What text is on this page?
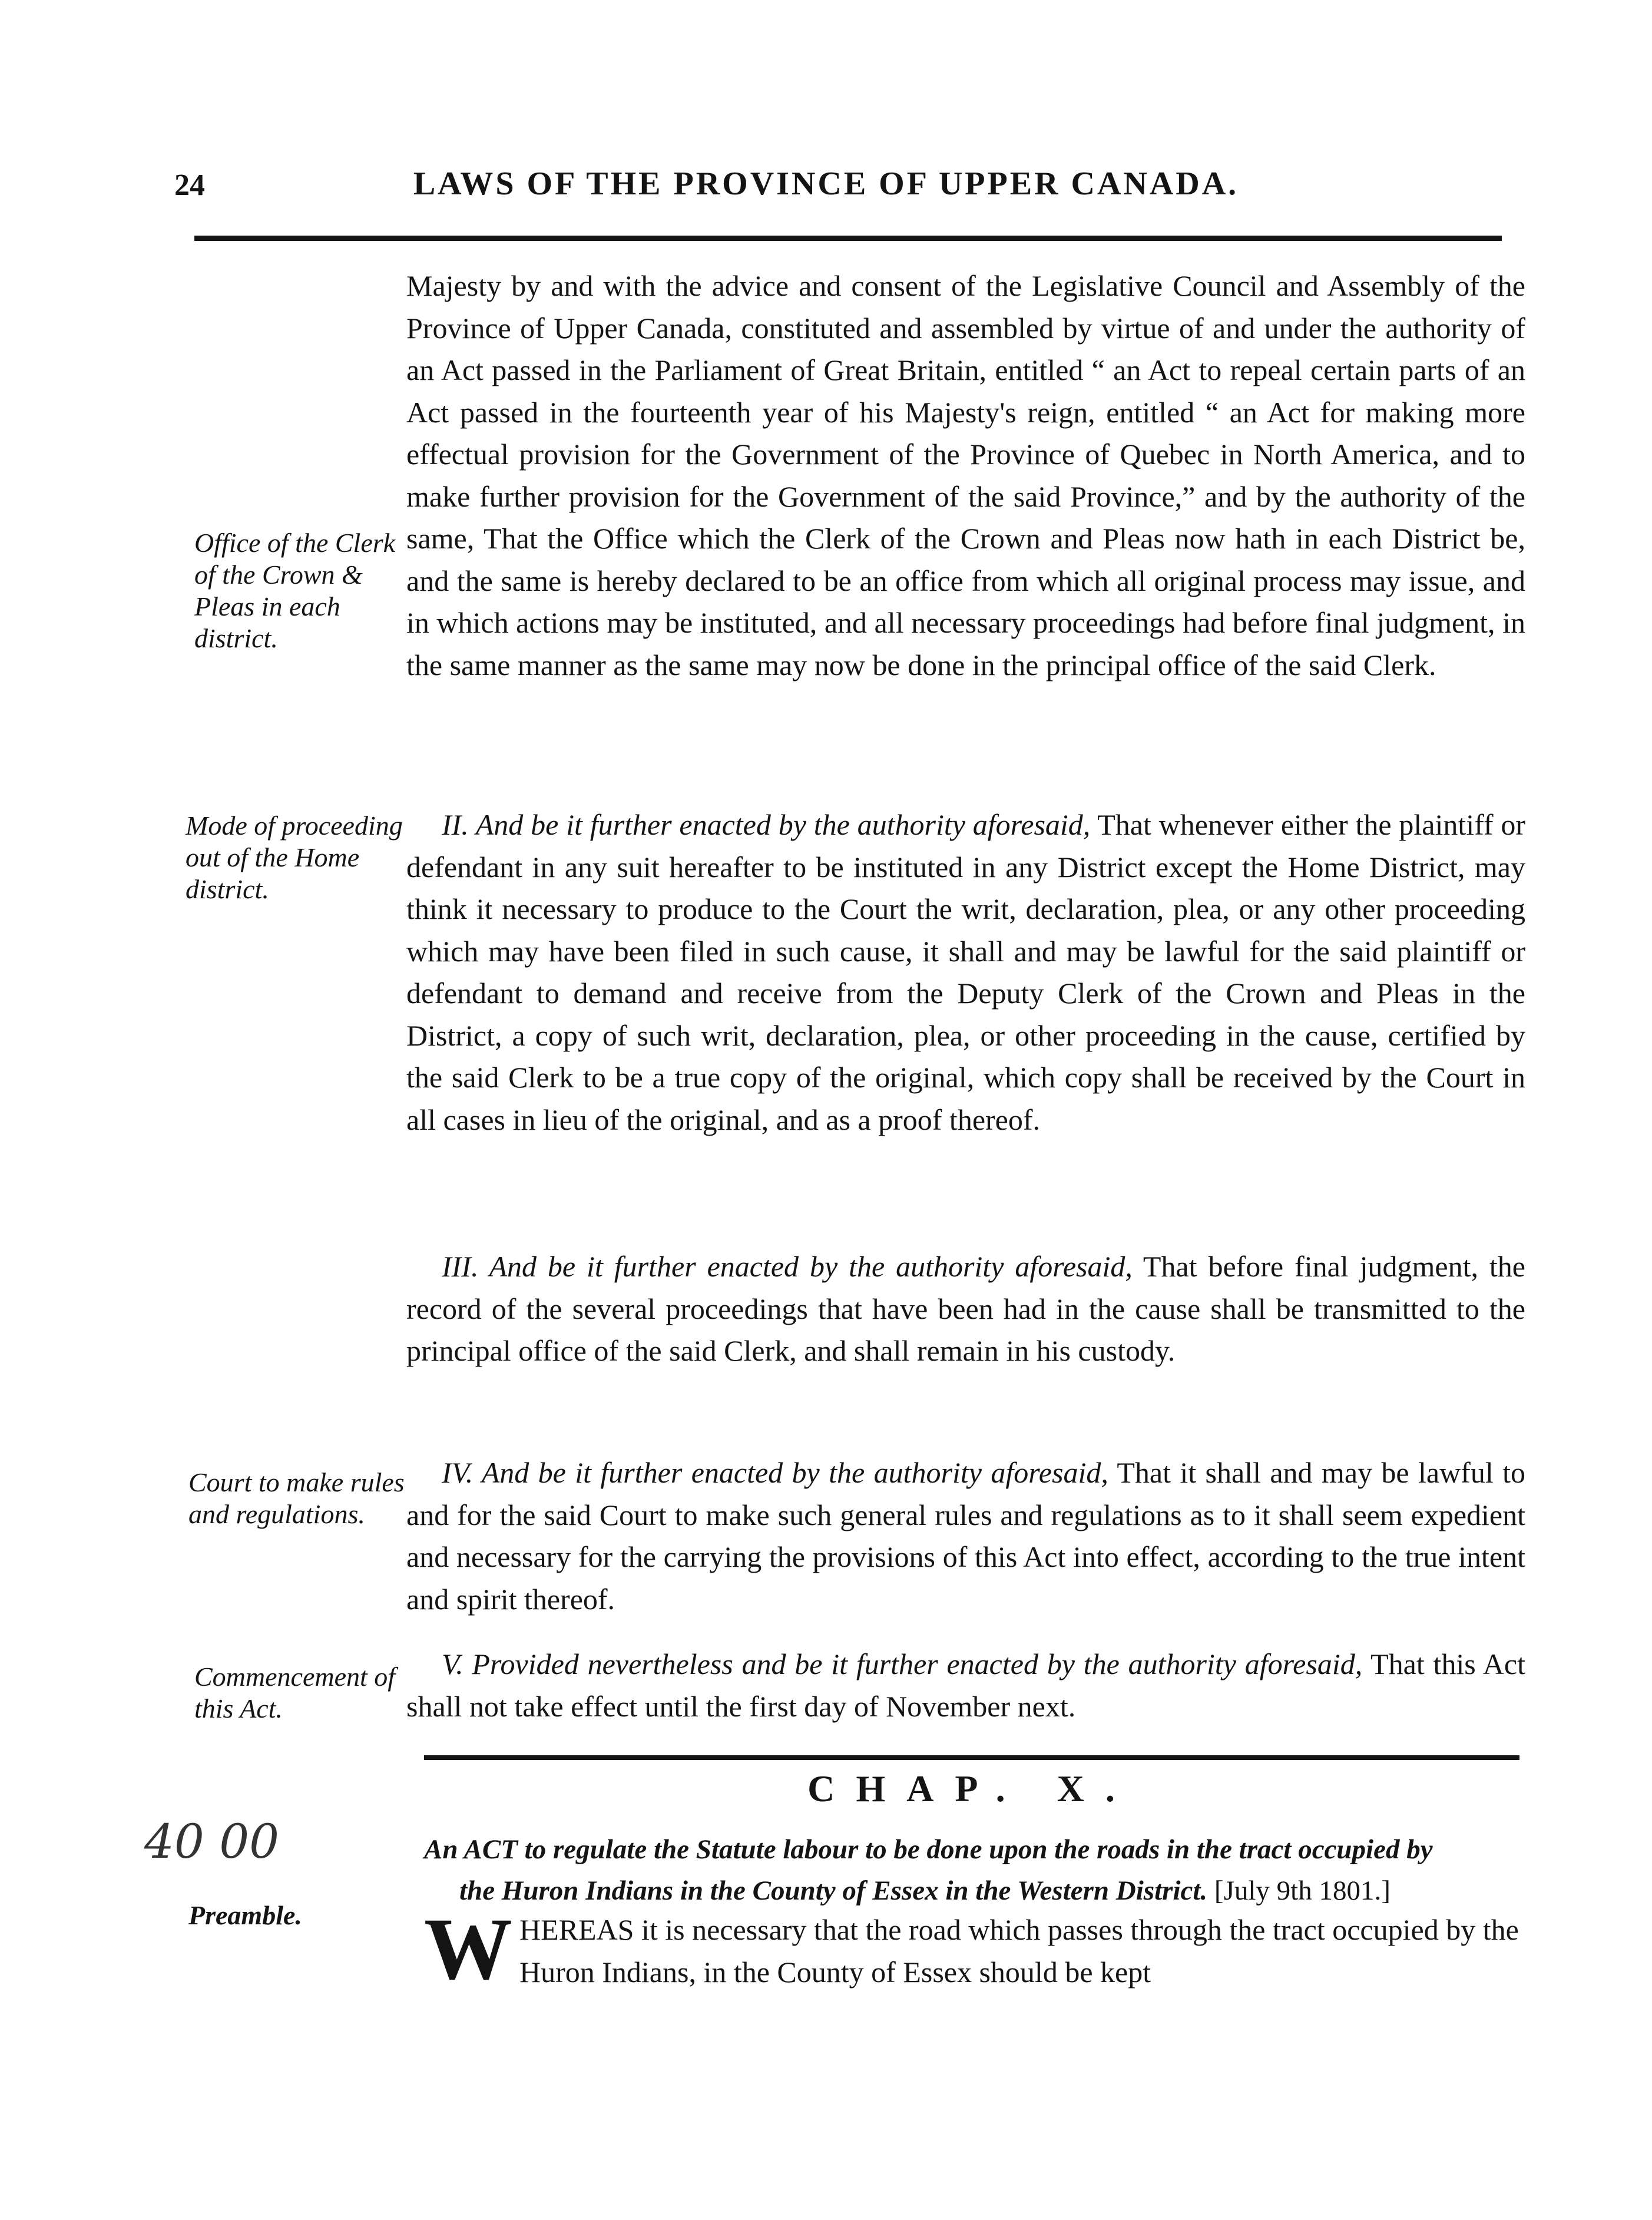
24	LAWS OF THE PROVINCE OF UPPER CANADA.

Majesty by and with the advice and consent of the Legislative Council and Assembly of the Province of Upper Canada, constituted and assembled by virtue of and under the authority of an Act passed in the Parliament of Great Britain, entitled “ an Act to repeal certain parts of an Act passed in the fourteenth year of his Majesty's reign, entitled “ an Act for making more effectual provision for the Government of the Province of Quebec in North America, and to make further provision for the Government of the said Province,” and by the authority of the same, That the Office which the Clerk of the Crown and Pleas now hath in each District be, and the same is hereby declared to be an office from which all original process may issue, and in which actions may be instituted, and all necessary proceedings had before final judgment, in the same manner as the same may now be done in the principal office of the said Clerk.

Office of the Clerk of the Crown & Pleas in each district.

II. And be it further enacted by the authority aforesaid, That whenever either the plaintiff or defendant in any suit hereafter to be instituted in any District except the Home District, may think it necessary to produce to the Court the writ, declaration, plea, or any other proceeding which may have been filed in such cause, it shall and may be lawful for the said plaintiff or defendant to demand and receive from the Deputy Clerk of the Crown and Pleas in the District, a copy of such writ, declaration, plea, or other proceeding in the cause, certified by the said Clerk to be a true copy of the original, which copy shall be received by the Court in all cases in lieu of the original, and as a proof thereof.

Mode of proceeding out of the Home district.

III. And be it further enacted by the authority aforesaid, That before final judgment, the record of the several proceedings that have been had in the cause shall be transmitted to the principal office of the said Clerk, and shall remain in his custody.

IV. And be it further enacted by the authority aforesaid, That it shall and may be lawful to and for the said Court to make such general rules and regulations as to it shall seem expedient and necessary for the carrying the provisions of this Act into effect, according to the true intent and spirit thereof.

Court to make rules and regulations.

V. Provided nevertheless and be it further enacted by the authority aforesaid, That this Act shall not take effect until the first day of November next.

Commencement of this Act.
CHAP. X.
An ACT to regulate the Statute labour to be done upon the roads in the tract occupied by
the Huron Indians in the County of Essex in the Western District. [July 9th 1801.]
40 00
Preamble.	WHEREAS it is necessary that the road which passes through the tract occupied by the Huron Indians, in the County of Essex should be kept
